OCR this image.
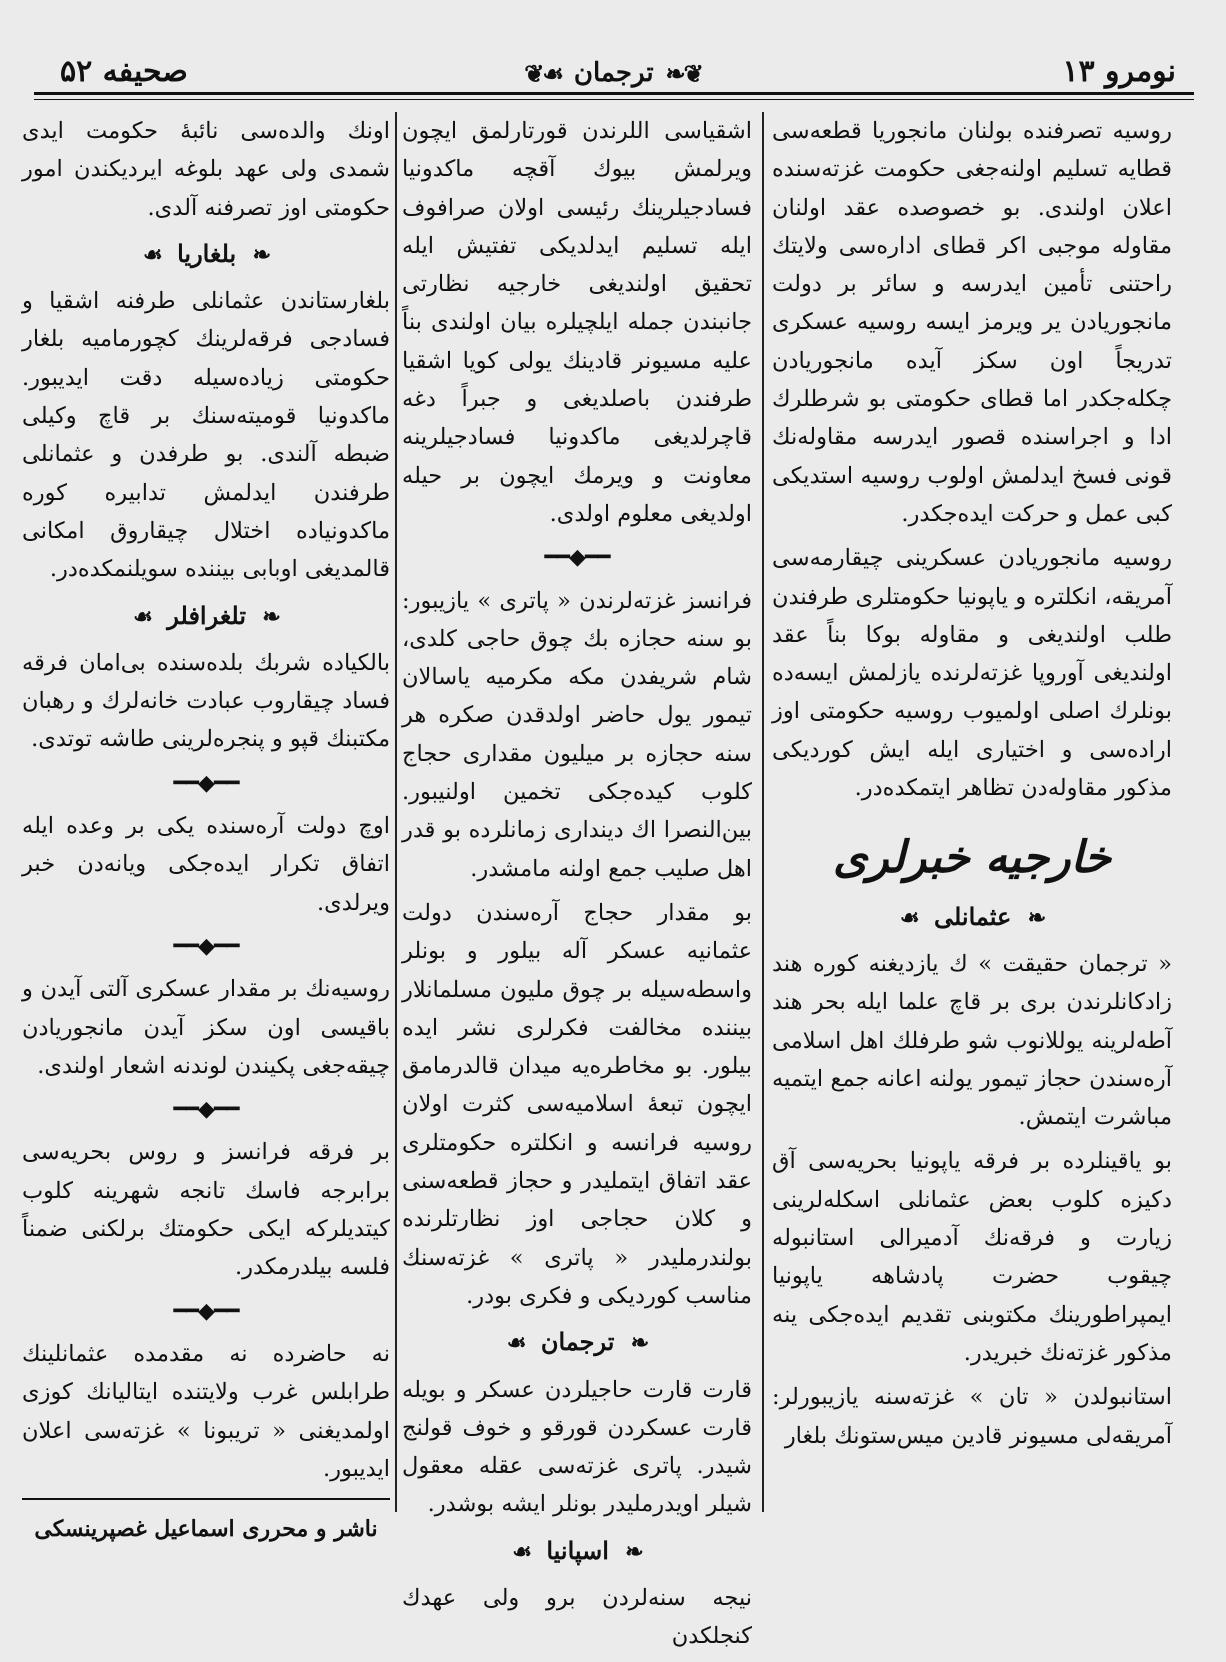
صحیفه ۵۲	❦❧
ترجمان
☙❦	نومرو ١٣

روسیه تصرفنده بولنان مانجوریا قطعه‌سی قطایه تسلیم اولنه‌جغی حکومت غزته‌سنده اعلان اولندی. بو خصوصده عقد اولنان مقاوله موجبی اکر قطای اداره‌سی ولایتك راحتنی تأمین ایدرسه و سائر بر دولت مانجوریادن یر ویرمز ایسه روسیه عسکری تدریجاً اون سکز آیده مانجوریادن چکله‌جکدر اما قطای حکومتی بو شرطلرك ادا و اجراسنده قصور ایدرسه مقاوله‌نك قونی فسخ ایدلمش اولوب روسیه استدیکی کبی عمل و حرکت ایده‌جکدر.

روسیه مانجوریادن عسکرینی چیقارمه‌سی آمریقه، انکلتره و یاپونیا حکومتلری طرفندن طلب اولندیغی و مقاوله بوکا بناً عقد اولندیغی آوروپا غزته‌لرنده یازلمش ایسه‌ده بونلرك اصلی اولمیوب روسیه حکومتی اوز اراده‌سی و اختیاری ایله ایش کوردیکی مذکور مقاوله‌دن تظاهر ایتمکده‌در.

خارجیه خبرلری
❧ عثمانلی ☙

« ترجمان حقیقت » ك یازدیغنه کوره هند زادکانلرندن بری بر قاچ علما ایله بحر هند آطه‌لرینه یوللانوب شو طرفلك اهل اسلامی آره‌سندن حجاز تیمور یولنه اعانه جمع ایتمیه مباشرت ایتمش.

بو یاقینلرده بر فرقه یاپونیا بحریه‌سی آق دکیزه کلوب بعض عثمانلی اسکله‌لرینی زیارت و فرقه‌نك آدمیرالی استانبوله چیقوب حضرت پادشاهه یاپونیا ایمپراطورینك مکتوبنی تقدیم ایده‌جکی ینه مذکور غزته‌نك خبریدر.

استانبولدن « تان » غزته‌سنه یازیبورلر: آمریقه‌لی مسیونر قادین میس‌ستونك بلغار

اشقیاسی اللرندن قورتارلمق ایچون ویرلمش بیوك آقچه ماکدونیا فسادجیلرینك رئیسی اولان صرافوف ایله تسلیم ایدلدیکی تفتیش ایله تحقیق اولندیغی خارجیه نظارتی جانبندن جمله ایلچیلره بیان اولندی بناً علیه مسیونر قادینك یولی کویا اشقیا طرفندن باصلدیغی و جبراً دغه قاچرلدیغی ماکدونیا فسادجیلرینه معاونت و ویرمك ایچون بر حیله اولدیغی معلوم اولدی.

━━◆━━

فرانسز غزته‌لرندن « پاتری » یازیبور: بو سنه حجازه بك چوق حاجی کلدی، شام شریفدن مکه مکرمیه یاسالان تیمور یول حاضر اولدقدن صکره هر سنه حجازه بر میلیون مقداری حجاج کلوب کیده‌جکی تخمین اولنیبور. بین‌النصرا اك دینداری زمانلرده بو قدر اهل صلیب جمع اولنه مامشدر.

بو مقدار حجاج آره‌سندن دولت عثمانیه عسکر آله بیلور و بونلر واسطه‌سیله بر چوق ملیون مسلمانلار بیننده مخالفت فکرلری نشر ایده بیلور. بو مخاطره‌یه میدان قالدرمامق ایچون تبعهٔ اسلامیه‌سی کثرت اولان روسیه فرانسه و انکلتره حکومتلری عقد اتفاق ایتملیدر و حجاز قطعه‌سنی و کلان حجاجی اوز نظارتلرنده بولندرملیدر « پاتری » غزته‌سنك مناسب کوردیکی و فکری بودر.

❧ ترجمان ☙

قارت قارت حاجیلردن عسکر و بویله قارت عسکردن قورقو و خوف قولنج شیدر. پاتری غزته‌سی عقله معقول شیلر اویدرملیدر بونلر ایشه بوشدر.

❧ اسپانیا ☙

نیجه سنه‌لردن برو ولی عهدك کنجلکدن

اونك والده‌سی نائبهٔ حکومت ایدی شمدی ولی عهد بلوغه ایردیکندن امور حکومتی اوز تصرفنه آلدی.

❧ بلغاریا ☙

بلغارستاندن عثمانلی طرفنه اشقیا و فسادجی فرقه‌لرینك کچورمامیه بلغار حکومتی زیاده‌سیله دقت ایدیبور. ماکدونیا قومیته‌سنك بر قاچ وکیلی ضبطه آلندی. بو طرفدن و عثمانلی طرفندن ایدلمش تدابیره کوره ماکدونیاده اختلال چیقاروق امکانی قالمدیغی اوبابی بیننده سویلنمکده‌در.

❧ تلغرافلر ☙

بالکیاده شربك بلده‌سنده بی‌امان فرقه فساد چیقاروب عبادت خانه‌لرك و رهبان مکتبنك قپو و پنجره‌لرینی طاشه توتدی.

━━◆━━

اوچ دولت آره‌سنده یکی بر وعده ایله اتفاق تکرار ایده‌جکی ویانه‌دن خبر ویرلدی.

━━◆━━

روسیه‌نك بر مقدار عسکری آلتی آیدن و باقیسی اون سکز آیدن مانجوریادن چیقه‌جغی پکیندن لوندنه اشعار اولندی.

━━◆━━

بر فرقه فرانسز و روس بحریه‌سی برابرجه فاسك تانجه شهرینه کلوب کیتدیلرکه ایکی حکومتك برلکنی ضمناً فلسه بیلدرمکدر.

━━◆━━

نه حاضرده نه مقدمده عثمانلینك طرابلس غرب ولایتنده ایتالیانك کوزی اولمدیغنی « تریبونا » غزته‌سی اعلان ایدیبور.

ناشر و محرری اسماعیل غصپرینسکی
